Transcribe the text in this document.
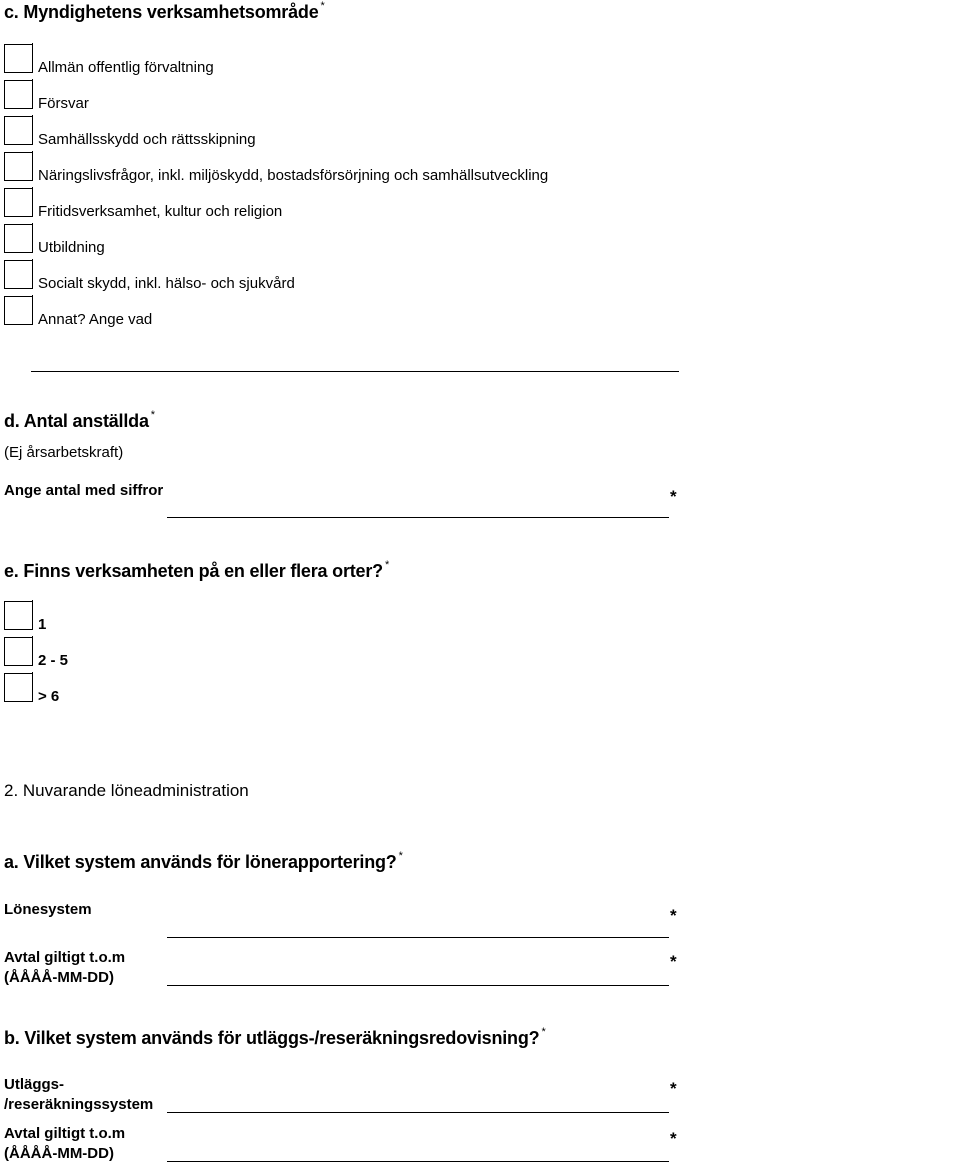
c. Myndighetens verksamhetsområde *
Allmän offentlig förvaltning
Försvar
Samhällsskydd och rättsskipning
Näringslivsfrågor, inkl. miljöskydd, bostadsförsörjning och samhällsutveckling
Fritidsverksamhet, kultur och religion
Utbildning
Socialt skydd, inkl. hälso- och sjukvård
Annat? Ange vad
d. Antal anställda *
(Ej årsarbetskraft)
Ange antal med siffror	*
e. Finns verksamheten på en eller flera orter? *
1
2 - 5
> 6
2. Nuvarande löneadministration
a. Vilket system används för lönerapportering? *
Lönesystem	*
Avtal giltigt t.o.m
(ÅÅÅÅ-MM-DD)
*
b. Vilket system används för utläggs-/reseräkningsredovisning? *
Utläggs-
/reseräkningssystem
*
Avtal giltigt t.o.m
(ÅÅÅÅ-MM-DD)
*
